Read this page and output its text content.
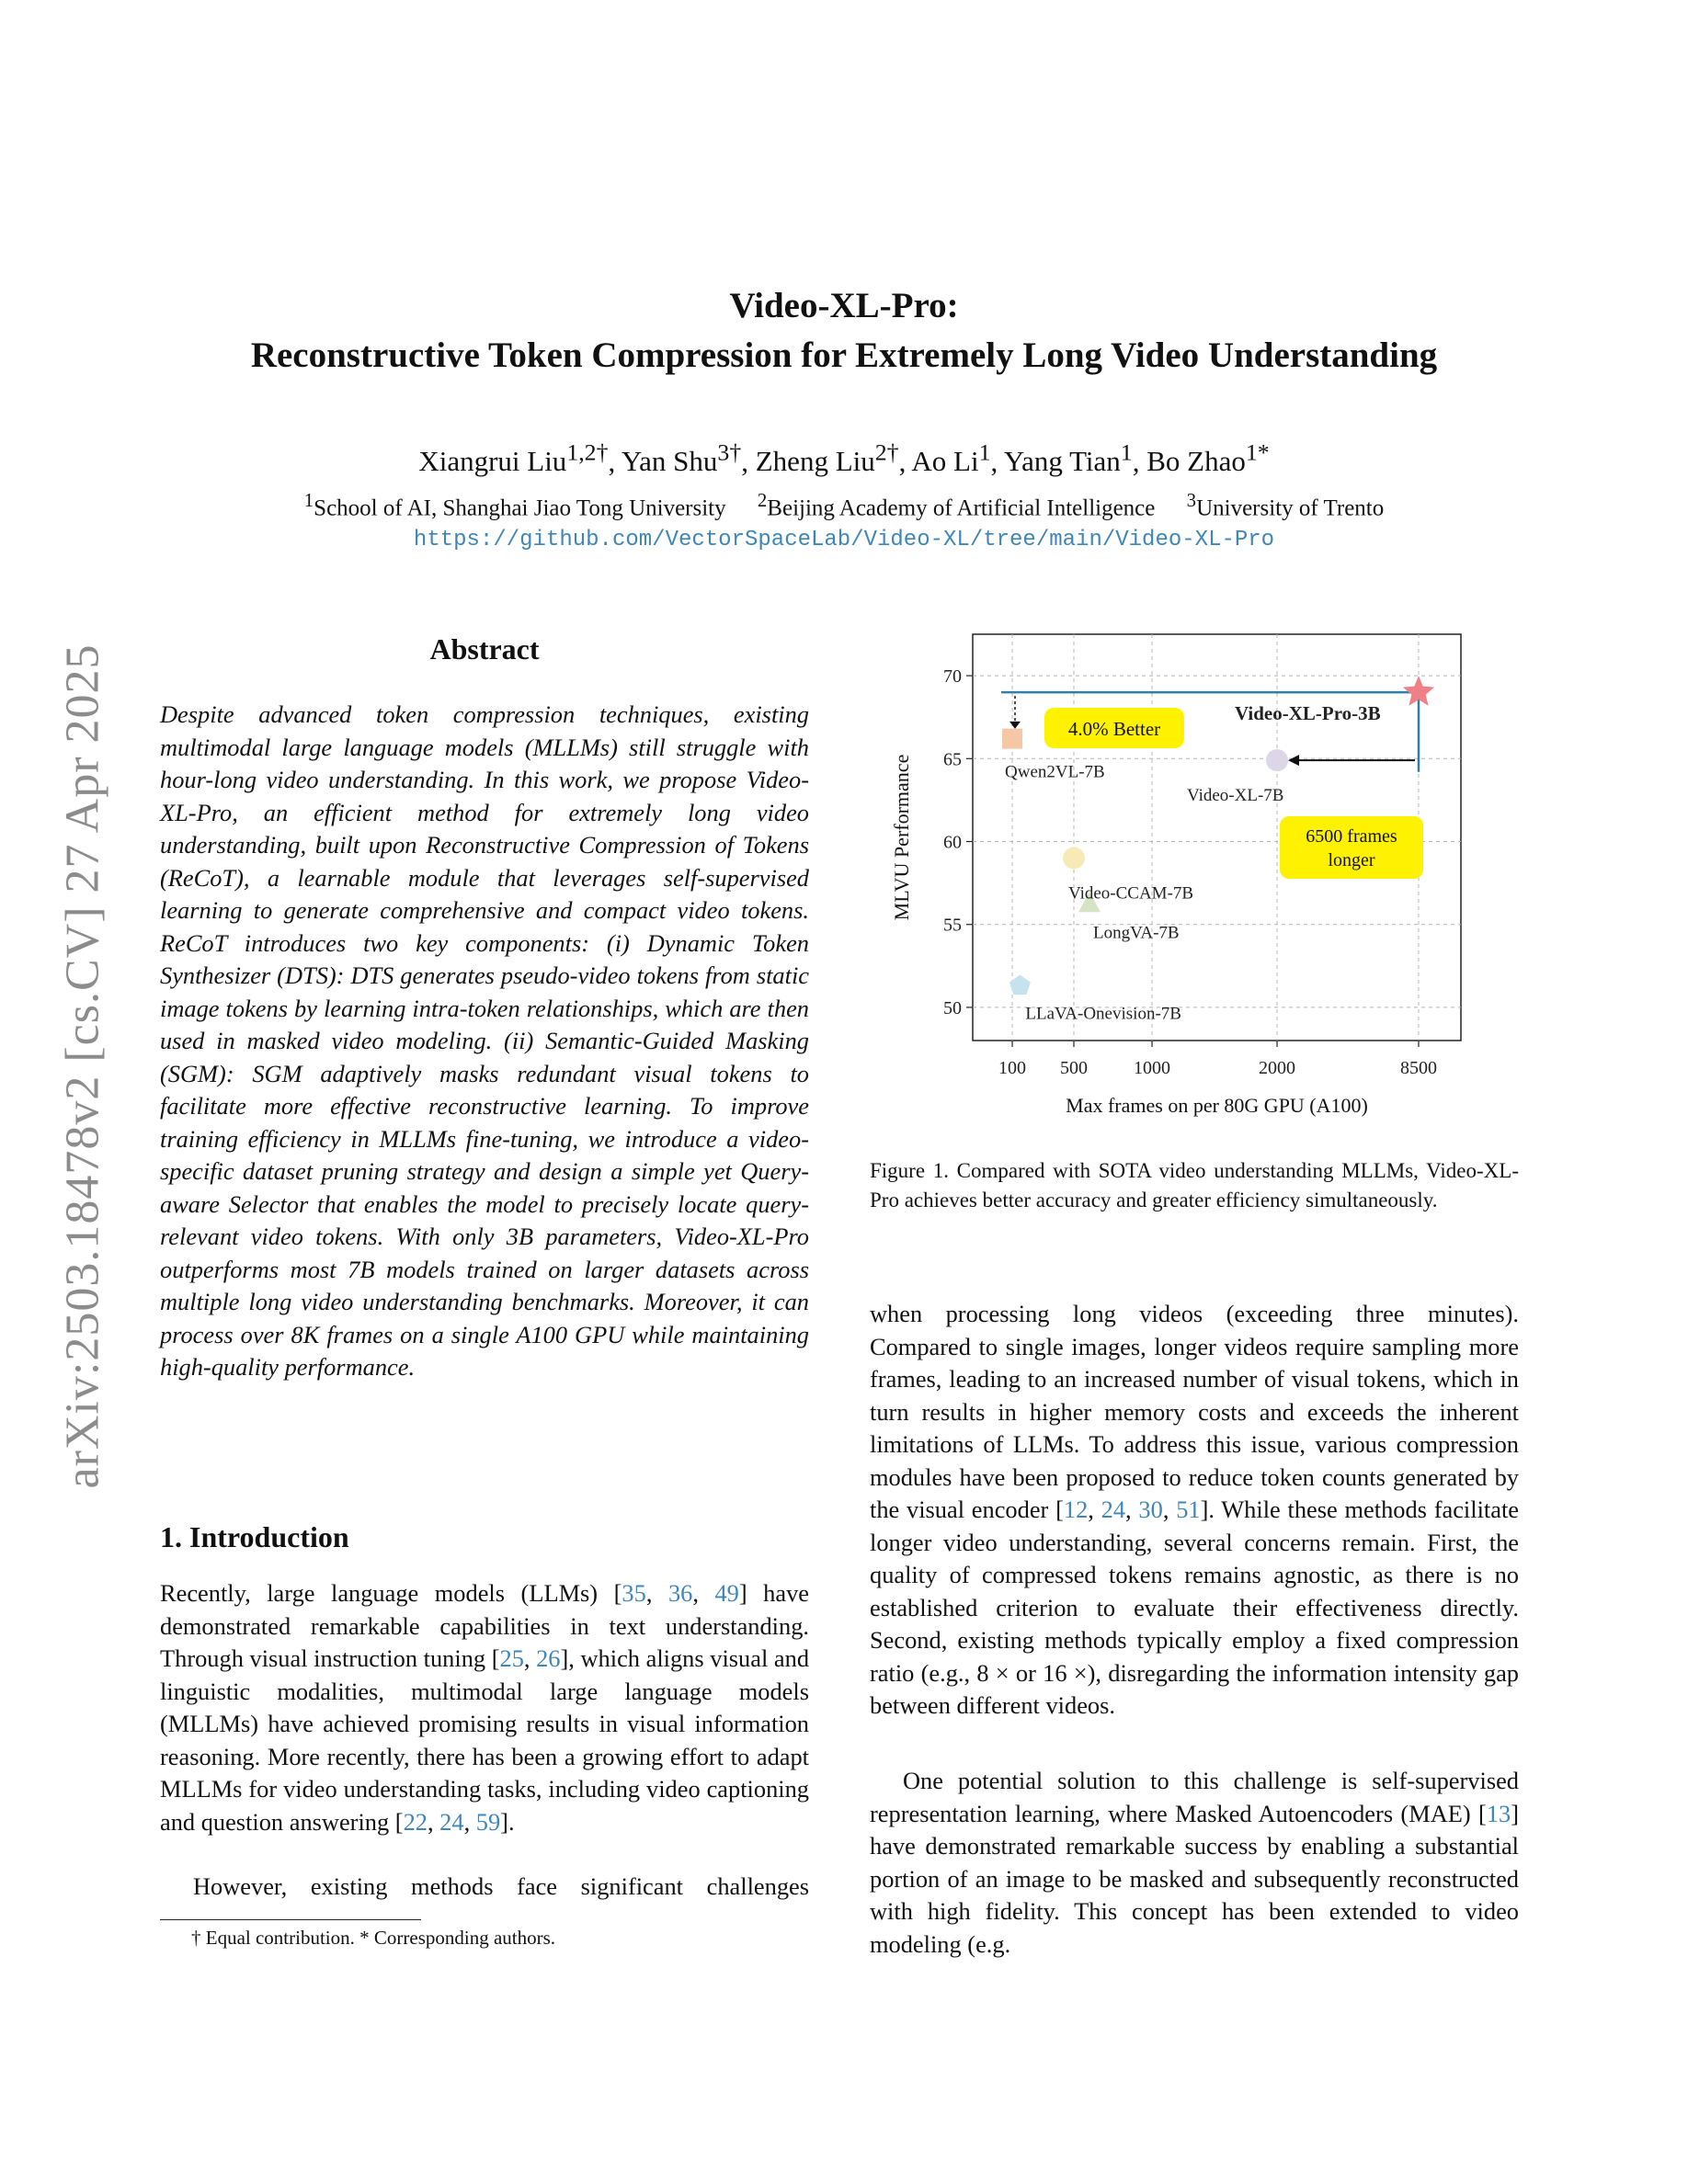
Video-XL-Pro:
Reconstructive Token Compression for Extremely Long Video Understanding
Xiangrui Liu$^{1,2\dagger}$, Yan Shu$^{3\dagger}$, Zheng Liu$^{2\dagger}$, Ao Li$^1$, Yang Tian$^1$, Bo Zhao$^{1*}$
$^1$School of AI, Shanghai Jiao Tong University $^2$Beijing Academy of Artificial Intelligence $^3$University of Trento
https://github.com/VectorSpaceLab/Video-XL/tree/main/Video-XL-Pro
arXiv:2503.18478v2 [cs.CV] 27 Apr 2025	Abstract
Despite advanced token compression techniques, existing multimodal large language models (MLLMs) still struggle with hour-long video understanding. In this work, we propose Video-XL-Pro, an efficient method for extremely long video understanding, built upon Reconstructive Compression of Tokens (ReCoT), a learnable module that leverages self-supervised learning to generate comprehensive and compact video tokens. ReCoT introduces two key components: (i) Dynamic Token Synthesizer (DTS): DTS generates pseudo-video tokens from static image tokens by learning intra-token relationships, which are then used in masked video modeling. (ii) Semantic-Guided Masking (SGM): SGM adaptively masks redundant visual tokens to facilitate more effective reconstructive learning. To improve training efficiency in MLLMs fine-tuning, we introduce a video-specific dataset pruning strategy and design a simple yet Query-aware Selector that enables the model to precisely locate query-relevant video tokens. With only 3B parameters, Video-XL-Pro outperforms most 7B models trained on larger datasets across multiple long video understanding benchmarks. Moreover, it can process over 8K frames on a single A100 GPU while maintaining high-quality performance.
1. Introduction
Recently, large language models (LLMs) [35, 36, 49] have demonstrated remarkable capabilities in text understanding. Through visual instruction tuning [25, 26], which aligns visual and linguistic modalities, multimodal large language models (MLLMs) have achieved promising results in visual information reasoning. More recently, there has been a growing effort to adapt MLLMs for video understanding tasks, including video captioning and question answering [22, 24, 59].
However, existing methods face significant challenges
† Equal contribution. * Corresponding authors.
50
55
60
65
70
100 500	1000	2000	8500
Max frames on per 80G GPU (A100)
MLVU Performance
4.0% Better
6500 frames
longer
Qwen2VL-7B
Video-XL-7B
Video-CCAM-7B
LongVA-7B
LLaVA-Onevision-7B
Video-XL-Pro-3B
Figure 1. Compared with SOTA video understanding MLLMs, Video-XL-Pro achieves better accuracy and greater efficiency simultaneously.
when processing long videos (exceeding three minutes). Compared to single images, longer videos require sampling more frames, leading to an increased number of visual tokens, which in turn results in higher memory costs and exceeds the inherent limitations of LLMs. To address this issue, various compression modules have been proposed to reduce token counts generated by the visual encoder [12, 24, 30, 51]. While these methods facilitate longer video understanding, several concerns remain. First, the quality of compressed tokens remains agnostic, as there is no established criterion to evaluate their effectiveness directly. Second, existing methods typically employ a fixed compression ratio (e.g., 8 × or 16 ×), disregarding the information intensity gap between different videos.
One potential solution to this challenge is self-supervised representation learning, where Masked Autoencoders (MAE) [13] have demonstrated remarkable success by enabling a substantial portion of an image to be masked and subsequently reconstructed with high fidelity. This concept has been extended to video modeling (e.g.
